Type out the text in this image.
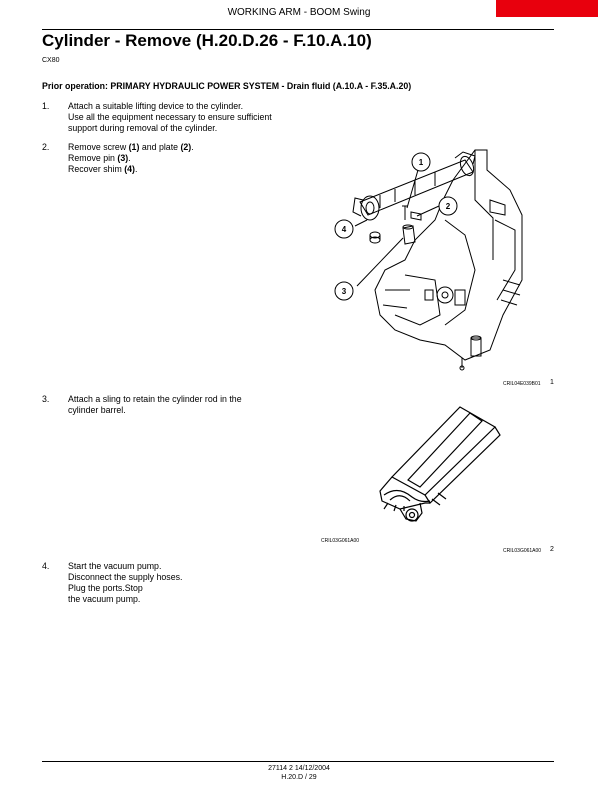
WORKING ARM - BOOM Swing
Cylinder - Remove (H.20.D.26 - F.10.A.10)
CX80
Prior operation: PRIMARY HYDRAULIC POWER SYSTEM - Drain fluid (A.10.A - F.35.A.20)
1. Attach a suitable lifting device to the cylinder.
Use all the equipment necessary to ensure sufficient
support during removal of the cylinder.
2. Remove screw (1) and plate (2).
Remove pin (3).
Recover shim (4).
1
2
3
4
CRIL04E039B01 1
3. Attach a sling to retain the cylinder rod in the
cylinder barrel.
CRIL03G061A00
CRIL03G061A00 2
4. Start the vacuum pump.
Disconnect the supply hoses.
Plug the ports.Stop
the vacuum pump.
27114 2 14/12/2004
H.20.D / 29
